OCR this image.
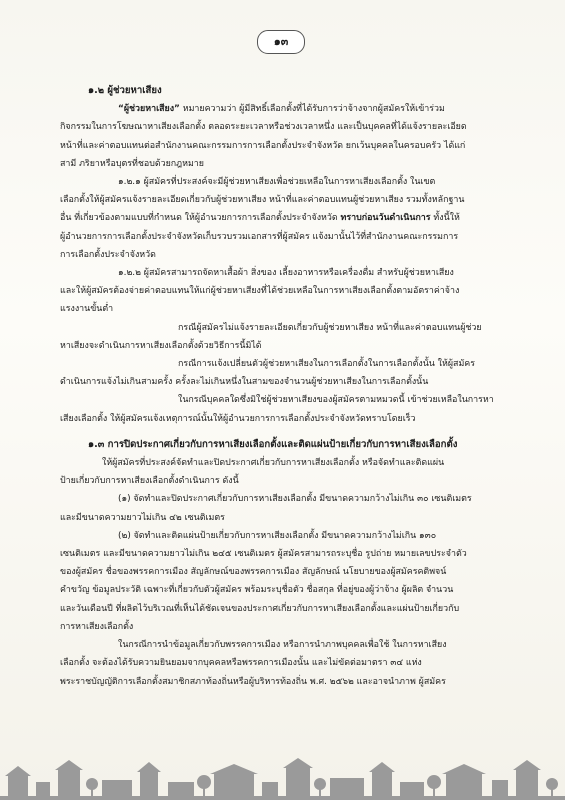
๑๓
๑.๒ ผู้ช่วยหาเสียง
“ผู้ช่วยหาเสียง” หมายความว่า ผู้มีสิทธิ์เลือกตั้งที่ได้รับการว่าจ้างจากผู้สมัครให้เข้าร่วม
กิจกรรมในการโฆษณาหาเสียงเลือกตั้ง ตลอดระยะเวลาหรือช่วงเวลาหนึ่ง และเป็นบุคคลที่ได้แจ้งรายละเอียด
หน้าที่และค่าตอบแทนต่อสำนักงานคณะกรรมการการเลือกตั้งประจำจังหวัด ยกเว้นบุคคลในครอบครัว ได้แก่
สามี ภริยาหรือบุตรที่ชอบด้วยกฎหมาย
๑.๒.๑ ผู้สมัครที่ประสงค์จะมีผู้ช่วยหาเสียงเพื่อช่วยเหลือในการหาเสียงเลือกตั้ง ในเขต
เลือกตั้งให้ผู้สมัครแจ้งรายละเอียดเกี่ยวกับผู้ช่วยหาเสียง หน้าที่และค่าตอบแทนผู้ช่วยหาเสียง รวมทั้งหลักฐาน
อื่น ที่เกี่ยวข้องตามแบบที่กำหนด ให้ผู้อำนวยการการเลือกตั้งประจำจังหวัด ทราบก่อนวันดำเนินการ ทั้งนี้ให้
ผู้อำนวยการการเลือกตั้งประจำจังหวัดเก็บรวบรวมเอกสารที่ผู้สมัคร แจ้งมานั้นไว้ที่สำนักงานคณะกรรมการ
การเลือกตั้งประจำจังหวัด
๑.๒.๒ ผู้สมัครสามารถจัดหาเสื้อผ้า สิ่งของ เลี้ยงอาหารหรือเครื่องดื่ม สำหรับผู้ช่วยหาเสียง
และให้ผู้สมัครต้องจ่ายค่าตอบแทนให้แก่ผู้ช่วยหาเสียงที่ได้ช่วยเหลือในการหาเสียงเลือกตั้งตามอัตราค่าจ้าง
แรงงานขั้นต่ำ
กรณีผู้สมัครไม่แจ้งรายละเอียดเกี่ยวกับผู้ช่วยหาเสียง หน้าที่และค่าตอบแทนผู้ช่วย
หาเสียงจะดำเนินการหาเสียงเลือกตั้งด้วยวิธีการนี้มิได้
กรณีการแจ้งเปลี่ยนตัวผู้ช่วยหาเสียงในการเลือกตั้งในการเลือกตั้งนั้น ให้ผู้สมัคร
ดำเนินการแจ้งไม่เกินสามครั้ง ครั้งละไม่เกินหนึ่งในสามของจำนวนผู้ช่วยหาเสียงในการเลือกตั้งนั้น
ในกรณีบุคคลใดซึ่งมิใช่ผู้ช่วยหาเสียงของผู้สมัครตามหมวดนี้ เข้าช่วยเหลือในการหา
เสียงเลือกตั้ง ให้ผู้สมัครแจ้งเหตุการณ์นั้นให้ผู้อำนวยการการเลือกตั้งประจำจังหวัดทราบโดยเร็ว
๑.๓ การปิดประกาศเกี่ยวกับการหาเสียงเลือกตั้งและติดแผ่นป้ายเกี่ยวกับการหาเสียงเลือกตั้ง
ให้ผู้สมัครที่ประสงค์จัดทำและปิดประกาศเกี่ยวกับการหาเสียงเลือกตั้ง หรือจัดทำและติดแผ่น
ป้ายเกี่ยวกับการหาเสียงเลือกตั้งดำเนินการ ดังนี้
(๑) จัดทำและปิดประกาศเกี่ยวกับการหาเสียงเลือกตั้ง มีขนาดความกว้างไม่เกิน ๓๐ เซนติเมตร
และมีขนาดความยาวไม่เกิน ๔๒ เซนติเมตร
(๒) จัดทำและติดแผ่นป้ายเกี่ยวกับการหาเสียงเลือกตั้ง มีขนาดความกว้างไม่เกิน ๑๓๐
เซนติเมตร และมีขนาดความยาวไม่เกิน ๒๔๕ เซนติเมตร ผู้สมัครสามารถระบุชื่อ รูปถ่าย หมายเลขประจำตัว
ของผู้สมัคร ชื่อของพรรคการเมือง สัญลักษณ์ของพรรคการเมือง สัญลักษณ์ นโยบายของผู้สมัครคติพจน์
คำขวัญ ข้อมูลประวัติ เฉพาะที่เกี่ยวกับตัวผู้สมัคร พร้อมระบุชื่อตัว ชื่อสกุล ที่อยู่ของผู้ว่าจ้าง ผู้ผลิต จำนวน
และวันเดือนปี ที่ผลิตไว้บริเวณที่เห็นได้ชัดเจนของประกาศเกี่ยวกับการหาเสียงเลือกตั้งและแผ่นป้ายเกี่ยวกับ
การหาเสียงเลือกตั้ง
ในกรณีการนำข้อมูลเกี่ยวกับพรรคการเมือง หรือการนำภาพบุคคลเพื่อใช้ ในการหาเสียง
เลือกตั้ง จะต้องได้รับความยินยอมจากบุคคลหรือพรรคการเมืองนั้น และไม่ขัดต่อมาตรา ๓๔ แห่ง
พระราชบัญญัติการเลือกตั้งสมาชิกสภาท้องถิ่นหรือผู้บริหารท้องถิ่น พ.ศ. ๒๕๖๒ และอาจนำภาพ ผู้สมัคร
